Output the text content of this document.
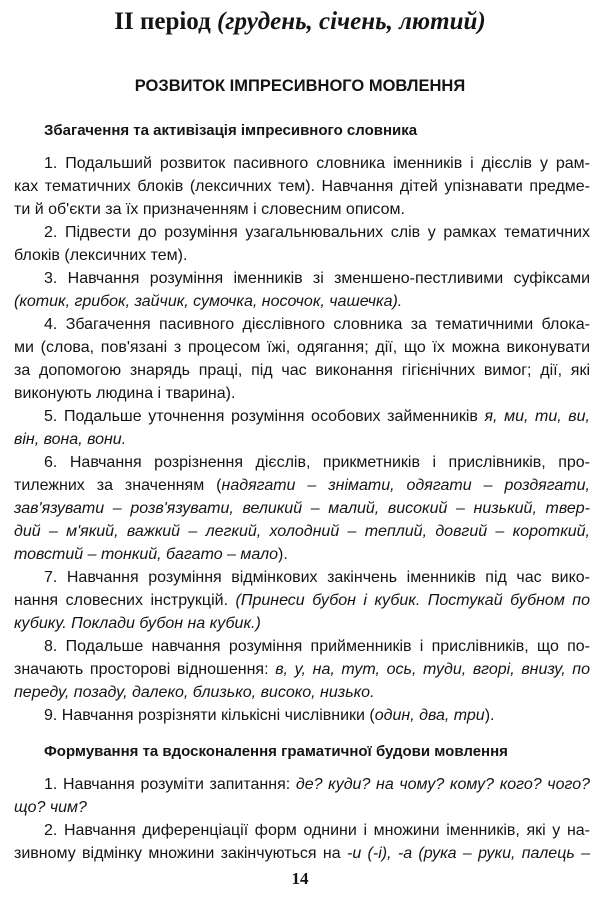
II період (грудень, січень, лютий)
РОЗВИТОК ІМПРЕСИВНОГО МОВЛЕННЯ
Збагачення та активізація імпресивного словника
1. Подальший розвиток пасивного словника іменників і дієслів у рам-
ках тематичних блоків (лексичних тем). Навчання дітей упізнавати предме-
ти й об'єкти за їх призначенням і словесним описом.
2. Підвести до розуміння узагальнювальних слів у рамках тематичних
блоків (лексичних тем).
3. Навчання розуміння іменників зі зменшено-пестливими суфіксами
(котик, грибок, зайчик, сумочка, носочок, чашечка).
4. Збагачення пасивного дієслівного словника за тематичними блока-
ми (слова, пов'язані з процесом їжі, одягання; дії, що їх можна виконувати
за допомогою знарядь праці, під час виконання гігієнічних вимог; дії, які
виконують людина і тварина).
5. Подальше уточнення розуміння особових займенників я, ми, ти, ви,
він, вона, вони.
6. Навчання розрізнення дієслів, прикметників і прислівників, про-
тилежних за значенням (надягати – знімати, одягати – роздягати,
зав'язувати – розв'язувати, великий – малий, високий – низький, твер-
дий – м'який, важкий – легкий, холодний – теплий, довгий – короткий,
товстий – тонкий, багато – мало).
7. Навчання розуміння відмінкових закінчень іменників під час вико-
нання словесних інструкцій. (Принеси бубон і кубик. Постукай бубном по
кубику. Поклади бубон на кубик.)
8. Подальше навчання розуміння прийменників і прислівників, що по-
значають просторові відношення: в, у, на, тут, ось, туди, вгорі, внизу, по
переду, позаду, далеко, близько, високо, низько.
9. Навчання розрізняти кількісні числівники (один, два, три).
Формування та вдосконалення граматичної будови мовлення
1. Навчання розуміти запитання: де? куди? на чому? кому? кого? чого?
що? чим?
2. Навчання диференціації форм однини і множини іменників, які у на-
зивному відмінку множини закінчуються на -и (-і), -а (рука – руки, палець –
14
